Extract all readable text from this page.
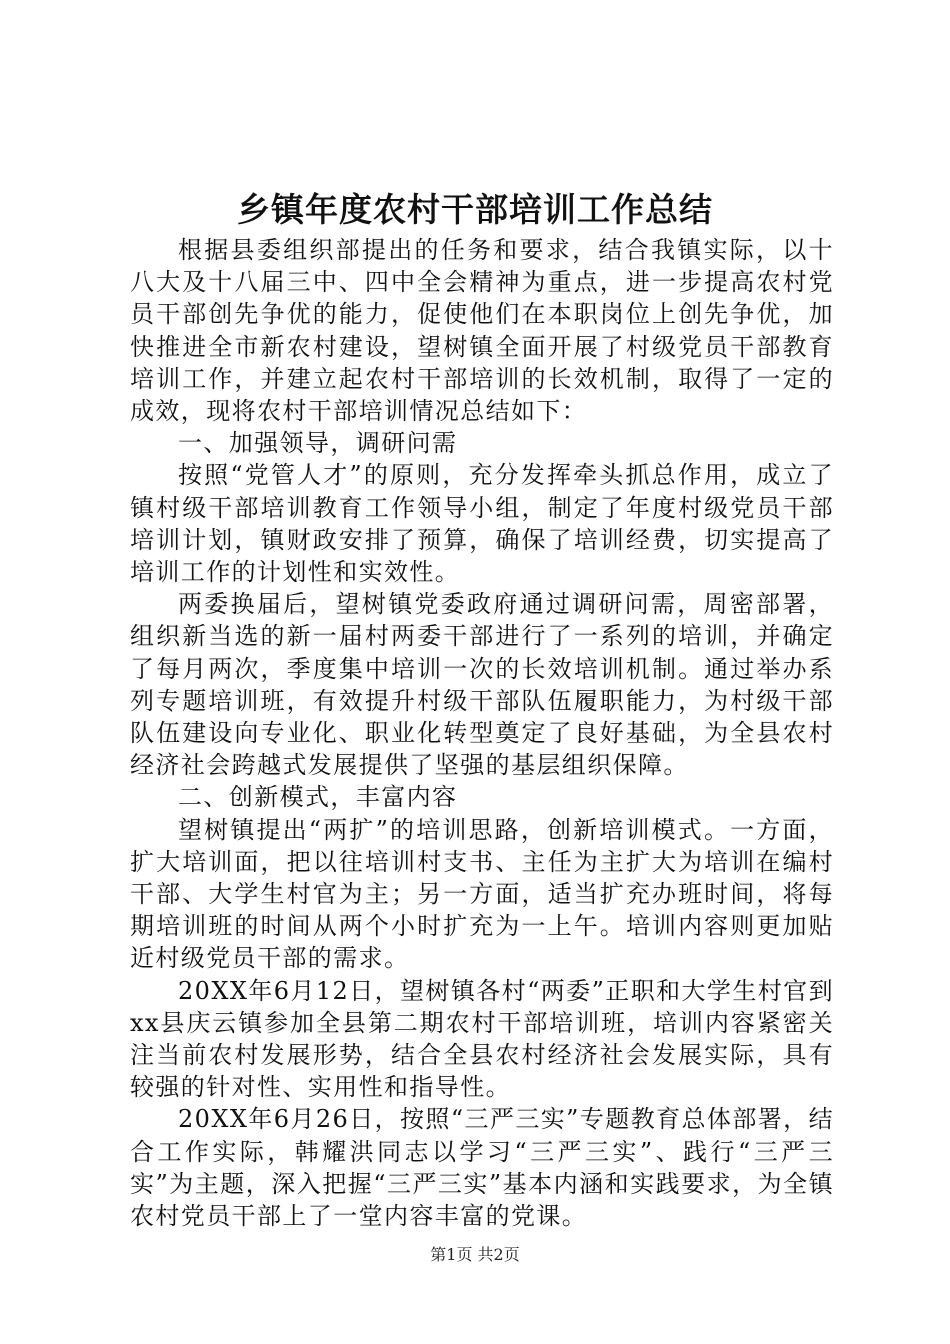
乡镇年度农村干部培训工作总结

根据县委组织部提出的任务和要求，结合我镇实际，以十八大及十八届三中、四中全会精神为重点，进一步提高农村党员干部创先争优的能力，促使他们在本职岗位上创先争优，加快推进全市新农村建设，望树镇全面开展了村级党员干部教育培训工作，并建立起农村干部培训的长效机制，取得了一定的成效，现将农村干部培训情况总结如下：

一、加强领导，调研问需

按照“党管人才”的原则，充分发挥牵头抓总作用，成立了镇村级干部培训教育工作领导小组，制定了年度村级党员干部培训计划，镇财政安排了预算，确保了培训经费，切实提高了培训工作的计划性和实效性。

两委换届后，望树镇党委政府通过调研问需，周密部署，组织新当选的新一届村两委干部进行了一系列的培训，并确定了每月两次，季度集中培训一次的长效培训机制。通过举办系列专题培训班，有效提升村级干部队伍履职能力，为村级干部队伍建设向专业化、职业化转型奠定了良好基础，为全县农村经济社会跨越式发展提供了坚强的基层组织保障。

二、创新模式，丰富内容

望树镇提出“两扩”的培训思路，创新培训模式。一方面，扩大培训面，把以往培训村支书、主任为主扩大为培训在编村干部、大学生村官为主；另一方面，适当扩充办班时间，将每期培训班的时间从两个小时扩充为一上午。培训内容则更加贴近村级党员干部的需求。

20XX年6月12日，望树镇各村“两委”正职和大学生村官到xx县庆云镇参加全县第二期农村干部培训班，培训内容紧密关注当前农村发展形势，结合全县农村经济社会发展实际，具有较强的针对性、实用性和指导性。

20XX年6月26日，按照“三严三实”专题教育总体部署，结合工作实际，韩耀洪同志以学习“三严三实”、践行“三严三实”为主题，深入把握“三严三实”基本内涵和实践要求，为全镇农村党员干部上了一堂内容丰富的党课。

第1页 共2页
